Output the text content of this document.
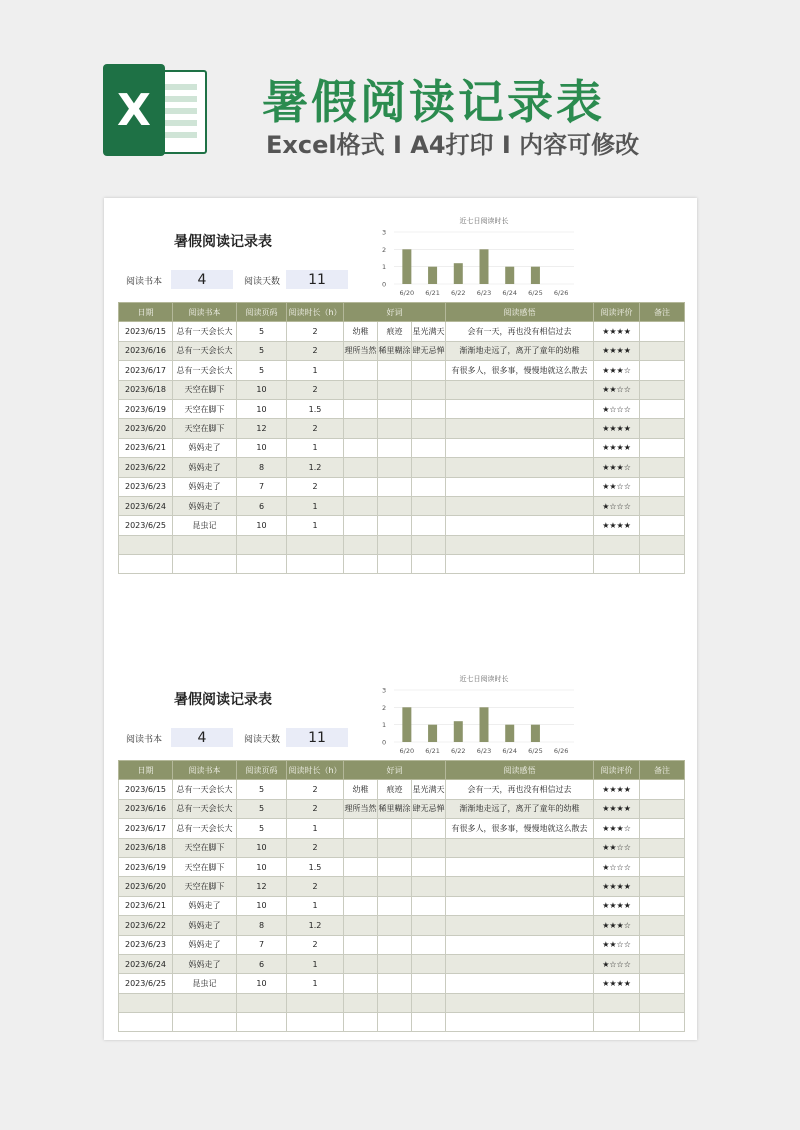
X	暑假阅读记录表
Excel格式 I A4打印 I 内容可修改
暑假阅读记录表
阅读书本	4	阅读天数	11
近七日阅读时长
0
1
2
3
6/20 6/21 6/22 6/23 6/24 6/25 6/26
日期	阅读书本	阅读页码	阅读时长（h）	好词			阅读感悟	阅读评价	备注
2023/6/15	总有一天会长大	5	2	幼稚	痕迹	星光满天	会有一天，再也没有相信过去	★★★★	
2023/6/16	总有一天会长大	5	2	理所当然	稀里糊涂	肆无忌惮	渐渐地走远了，离开了童年的幼稚	★★★★	
2023/6/17	总有一天会长大	5	1				有很多人，很多事，慢慢地就这么散去	★★★☆	
2023/6/18	天空在脚下	10	2					★★☆☆	
2023/6/19	天空在脚下	10	1.5					★☆☆☆	
2023/6/20	天空在脚下	12	2					★★★★	
2023/6/21	妈妈走了	10	1					★★★★	
2023/6/22	妈妈走了	8	1.2					★★★☆	
2023/6/23	妈妈走了	7	2					★★☆☆	
2023/6/24	妈妈走了	6	1					★☆☆☆	
2023/6/25	昆虫记	10	1					★★★★	

暑假阅读记录表
阅读书本	4	阅读天数	11
近七日阅读时长
0
1
2
3
6/20 6/21 6/22 6/23 6/24 6/25 6/26
日期	阅读书本	阅读页码	阅读时长（h）	好词			阅读感悟	阅读评价	备注
2023/6/15	总有一天会长大	5	2	幼稚	痕迹	星光满天	会有一天，再也没有相信过去	★★★★	
2023/6/16	总有一天会长大	5	2	理所当然	稀里糊涂	肆无忌惮	渐渐地走远了，离开了童年的幼稚	★★★★	
2023/6/17	总有一天会长大	5	1				有很多人，很多事，慢慢地就这么散去	★★★☆	
2023/6/18	天空在脚下	10	2					★★☆☆	
2023/6/19	天空在脚下	10	1.5					★☆☆☆	
2023/6/20	天空在脚下	12	2					★★★★	
2023/6/21	妈妈走了	10	1					★★★★	
2023/6/22	妈妈走了	8	1.2					★★★☆	
2023/6/23	妈妈走了	7	2					★★☆☆	
2023/6/24	妈妈走了	6	1					★☆☆☆	
2023/6/25	昆虫记	10	1					★★★★	
